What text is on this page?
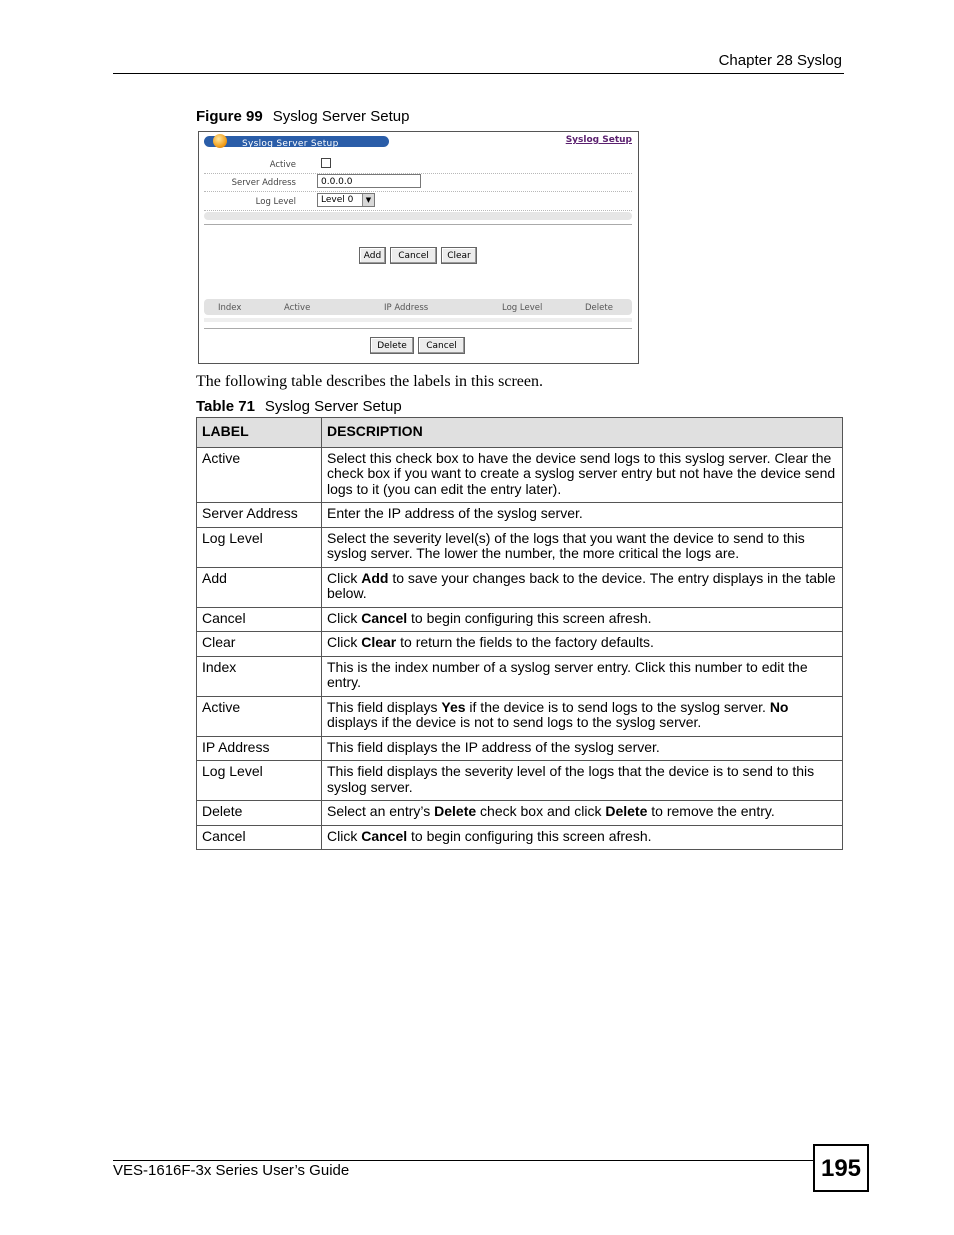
Chapter 28 Syslog
Figure 99 Syslog Server Setup
Syslog Server Setup	Syslog Setup
Active
Server Address	0.0.0.0
Log Level	Level 0	▼
Add	Cancel	Clear
Index	Active	IP Address	Log Level	Delete
Delete	Cancel
The following table describes the labels in this screen.
Table 71 Syslog Server Setup
LABEL	DESCRIPTION
Active	Select this check box to have the device send logs to this syslog server. Clear the check box if you want to create a syslog server entry but not have the device send logs to it (you can edit the entry later).
Server Address	Enter the IP address of the syslog server.
Log Level	Select the severity level(s) of the logs that you want the device to send to this syslog server. The lower the number, the more critical the logs are.
Add	Click Add to save your changes back to the device. The entry displays in the table below.
Cancel	Click Cancel to begin configuring this screen afresh.
Clear	Click Clear to return the fields to the factory defaults.
Index	This is the index number of a syslog server entry. Click this number to edit the entry.
Active	This field displays Yes if the device is to send logs to the syslog server. No displays if the device is not to send logs to the syslog server.
IP Address	This field displays the IP address of the syslog server.
Log Level	This field displays the severity level of the logs that the device is to send to this syslog server.
Delete	Select an entry’s Delete check box and click Delete to remove the entry.
Cancel	Click Cancel to begin configuring this screen afresh.
VES-1616F-3x Series User’s Guide	195
